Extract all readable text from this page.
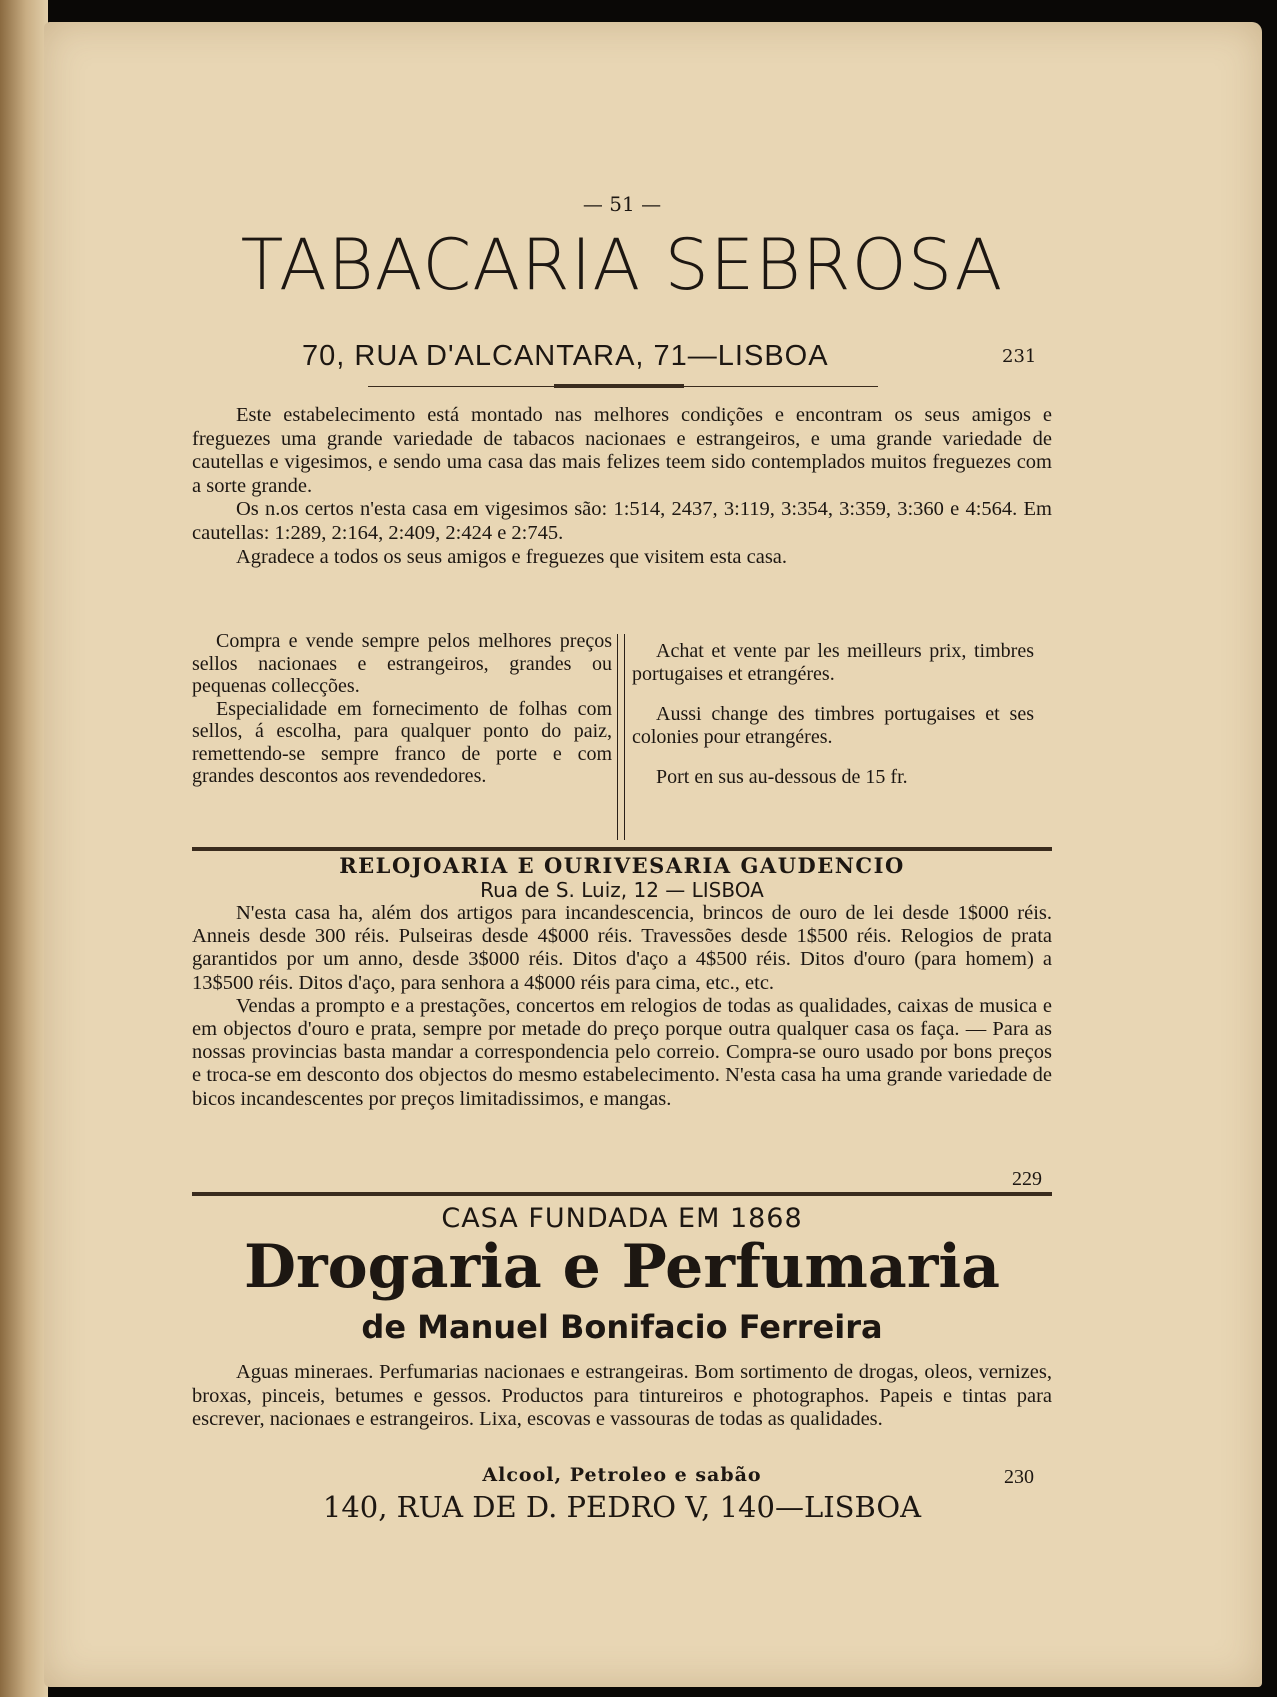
— 51 —
TABACARIA SEBROSA
70, RUA D'ALCANTARA, 71—LISBOA	231

Este estabelecimento está montado nas melhores condições e encontram os seus amigos e freguezes uma grande variedade de tabacos nacionaes e estrangeiros, e uma grande variedade de cautellas e vigesimos, e sendo uma casa das mais felizes teem sido contemplados muitos freguezes com a sorte grande.

Os n.os certos n'esta casa em vigesimos são: 1:514, 2437, 3:119, 3:354, 3:359, 3:360 e 4:564. Em cautellas: 1:289, 2:164, 2:409, 2:424 e 2:745.

Agradece a todos os seus amigos e freguezes que visitem esta casa.

Compra e vende sempre pelos melhores preços sellos nacionaes e estrangeiros, grandes ou pequenas collecções.

Especialidade em fornecimento de folhas com sellos, á escolha, para qualquer ponto do paiz, remettendo-se sempre franco de porte e com grandes descontos aos revendedores.

Achat et vente par les meilleurs prix, timbres portugaises et etrangéres.

Aussi change des timbres portugaises et ses colonies pour etrangéres.

Port en sus au-dessous de 15 fr.

RELOJOARIA E OURIVESARIA GAUDENCIO
Rua de S. Luiz, 12 — LISBOA

N'esta casa ha, além dos artigos para incandescencia, brincos de ouro de lei desde 1$000 réis. Anneis desde 300 réis. Pulseiras desde 4$000 réis. Travessões desde 1$500 réis. Relogios de prata garantidos por um anno, desde 3$000 réis. Ditos d'aço a 4$500 réis. Ditos d'ouro (para homem) a 13$500 réis. Ditos d'aço, para senhora a 4$000 réis para cima, etc., etc.

Vendas a prompto e a prestações, concertos em relogios de todas as qualidades, caixas de musica e em objectos d'ouro e prata, sempre por metade do preço porque outra qualquer casa os faça. — Para as nossas provincias basta mandar a correspondencia pelo correio. Compra-se ouro usado por bons preços e troca-se em desconto dos objectos do mesmo estabelecimento. N'esta casa ha uma grande variedade de bicos incandescentes por preços limitadissimos, e mangas.

229
CASA FUNDADA EM 1868
Drogaria e Perfumaria
de Manuel Bonifacio Ferreira

Aguas mineraes. Perfumarias nacionaes e estrangeiras. Bom sortimento de drogas, oleos, vernizes, broxas, pinceis, betumes e gessos. Productos para tintureiros e photographos. Papeis e tintas para escrever, nacionaes e estrangeiros. Lixa, escovas e vassouras de todas as qualidades.

Alcool, Petroleo e sabão	230
140, RUA DE D. PEDRO V, 140—LISBOA
